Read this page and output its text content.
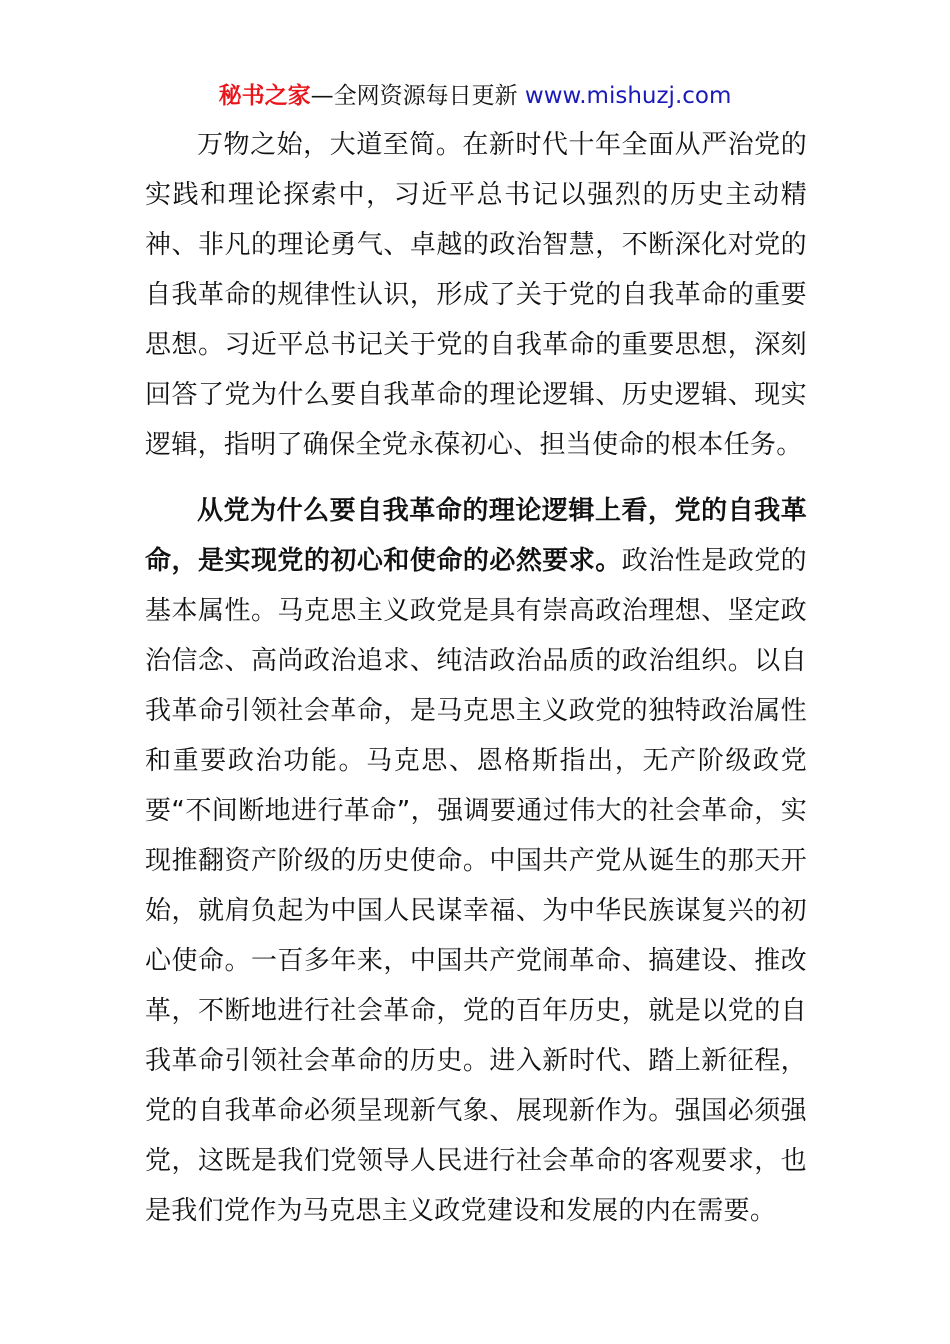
秘书之家—全网资源每日更新 www.mishuzj.com

万物之始，大道至简。在新时代十年全面从严治党的实践和理论探索中，习近平总书记以强烈的历史主动精神、非凡的理论勇气、卓越的政治智慧，不断深化对党的自我革命的规律性认识，形成了关于党的自我革命的重要思想。习近平总书记关于党的自我革命的重要思想，深刻回答了党为什么要自我革命的理论逻辑、历史逻辑、现实逻辑，指明了确保全党永葆初心、担当使命的根本任务。

从党为什么要自我革命的理论逻辑上看，党的自我革命，是实现党的初心和使命的必然要求。政治性是政党的基本属性。马克思主义政党是具有崇高政治理想、坚定政治信念、高尚政治追求、纯洁政治品质的政治组织。以自我革命引领社会革命，是马克思主义政党的独特政治属性和重要政治功能。马克思、恩格斯指出，无产阶级政党要“不间断地进行革命”，强调要通过伟大的社会革命，实现推翻资产阶级的历史使命。中国共产党从诞生的那天开始，就肩负起为中国人民谋幸福、为中华民族谋复兴的初心使命。一百多年来，中国共产党闹革命、搞建设、推改革，不断地进行社会革命，党的百年历史，就是以党的自我革命引领社会革命的历史。进入新时代、踏上新征程，党的自我革命必须呈现新气象、展现新作为。强国必须强党，这既是我们党领导人民进行社会革命的客观要求，也是我们党作为马克思主义政党建设和发展的内在需要。
